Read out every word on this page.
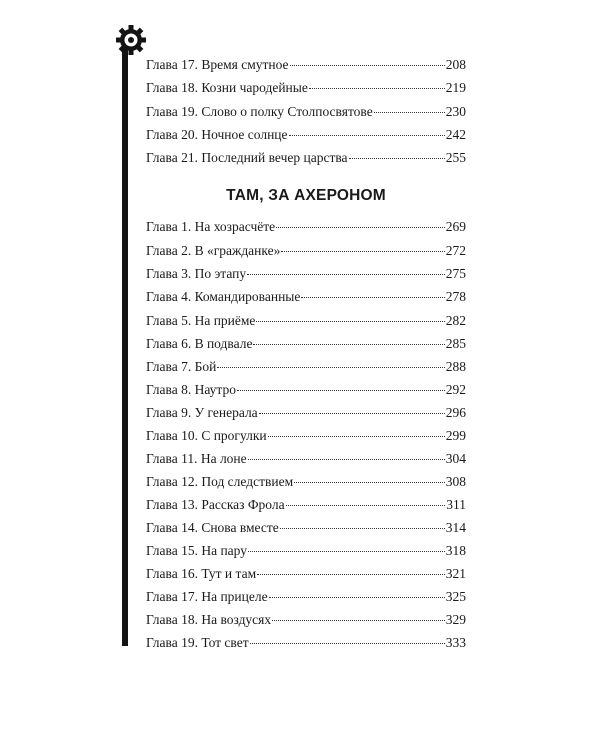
Глава 17. Время смутное	208
Глава 18. Козни чародейные	219
Глава 19. Слово о полку Столпосвятове	230
Глава 20. Ночное солнце	242
Глава 21. Последний вечер царства	255
ТАМ, ЗА АХЕРОНОМ
Глава 1. На хозрасчёте	269
Глава 2. В «гражданке»	272
Глава 3. По этапу	275
Глава 4. Командированные	278
Глава 5. На приёме	282
Глава 6. В подвале	285
Глава 7. Бой	288
Глава 8. Наутро	292
Глава 9. У генерала	296
Глава 10. С прогулки	299
Глава 11. На лоне	304
Глава 12. Под следствием	308
Глава 13. Рассказ Фрола	311
Глава 14. Снова вместе	314
Глава 15. На пару	318
Глава 16. Тут и там	321
Глава 17. На прицеле	325
Глава 18. На воздусях	329
Глава 19. Тот свет	333
